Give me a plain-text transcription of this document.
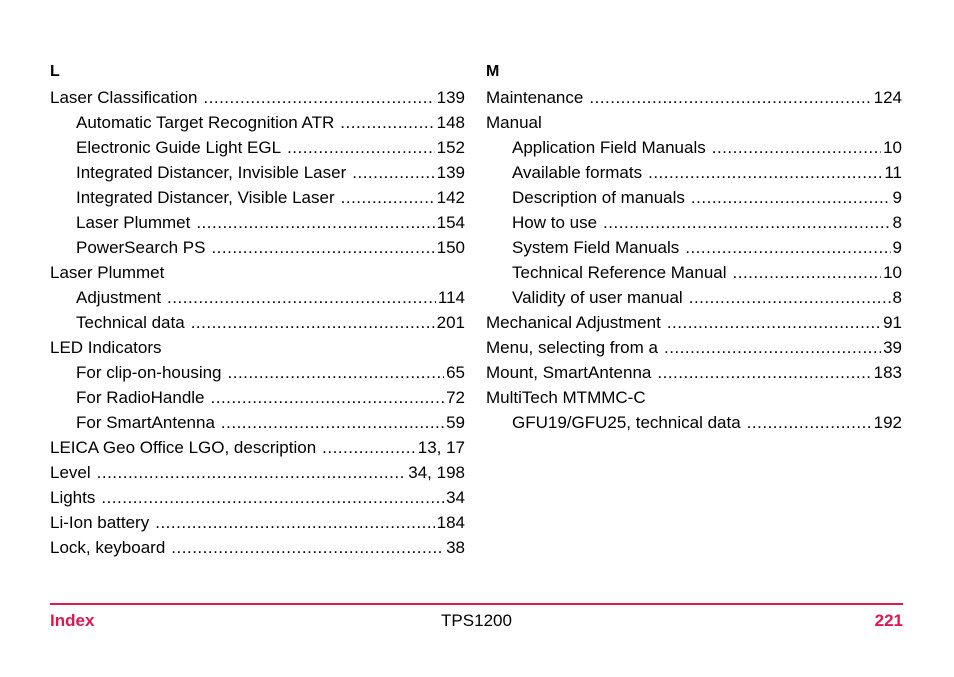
L
Laser Classification .....	139
Automatic Target Recognition ATR .....	148
Electronic Guide Light EGL .....	152
Integrated Distancer, Invisible Laser .....	139
Integrated Distancer, Visible Laser .....	142
Laser Plummet .....	154
PowerSearch PS .....	150
Laser Plummet
Adjustment .....	114
Technical data .....	201
LED Indicators
For clip-on-housing .....	65
For RadioHandle .....	72
For SmartAntenna .....	59
LEICA Geo Office LGO, description .....	13, 17
Level .....	34, 198
Lights .....	34
Li-Ion battery .....	184
Lock, keyboard .....	38
M
Maintenance .....	124
Manual
Application Field Manuals .....	10
Available formats .....	11
Description of manuals .....	9
How to use .....	8
System Field Manuals .....	9
Technical Reference Manual .....	10
Validity of user manual .....	8
Mechanical Adjustment .....	91
Menu, selecting from a .....	39
Mount, SmartAntenna .....	183
MultiTech MTMMC-C
GFU19/GFU25, technical data .....	192
Index	TPS1200	221
